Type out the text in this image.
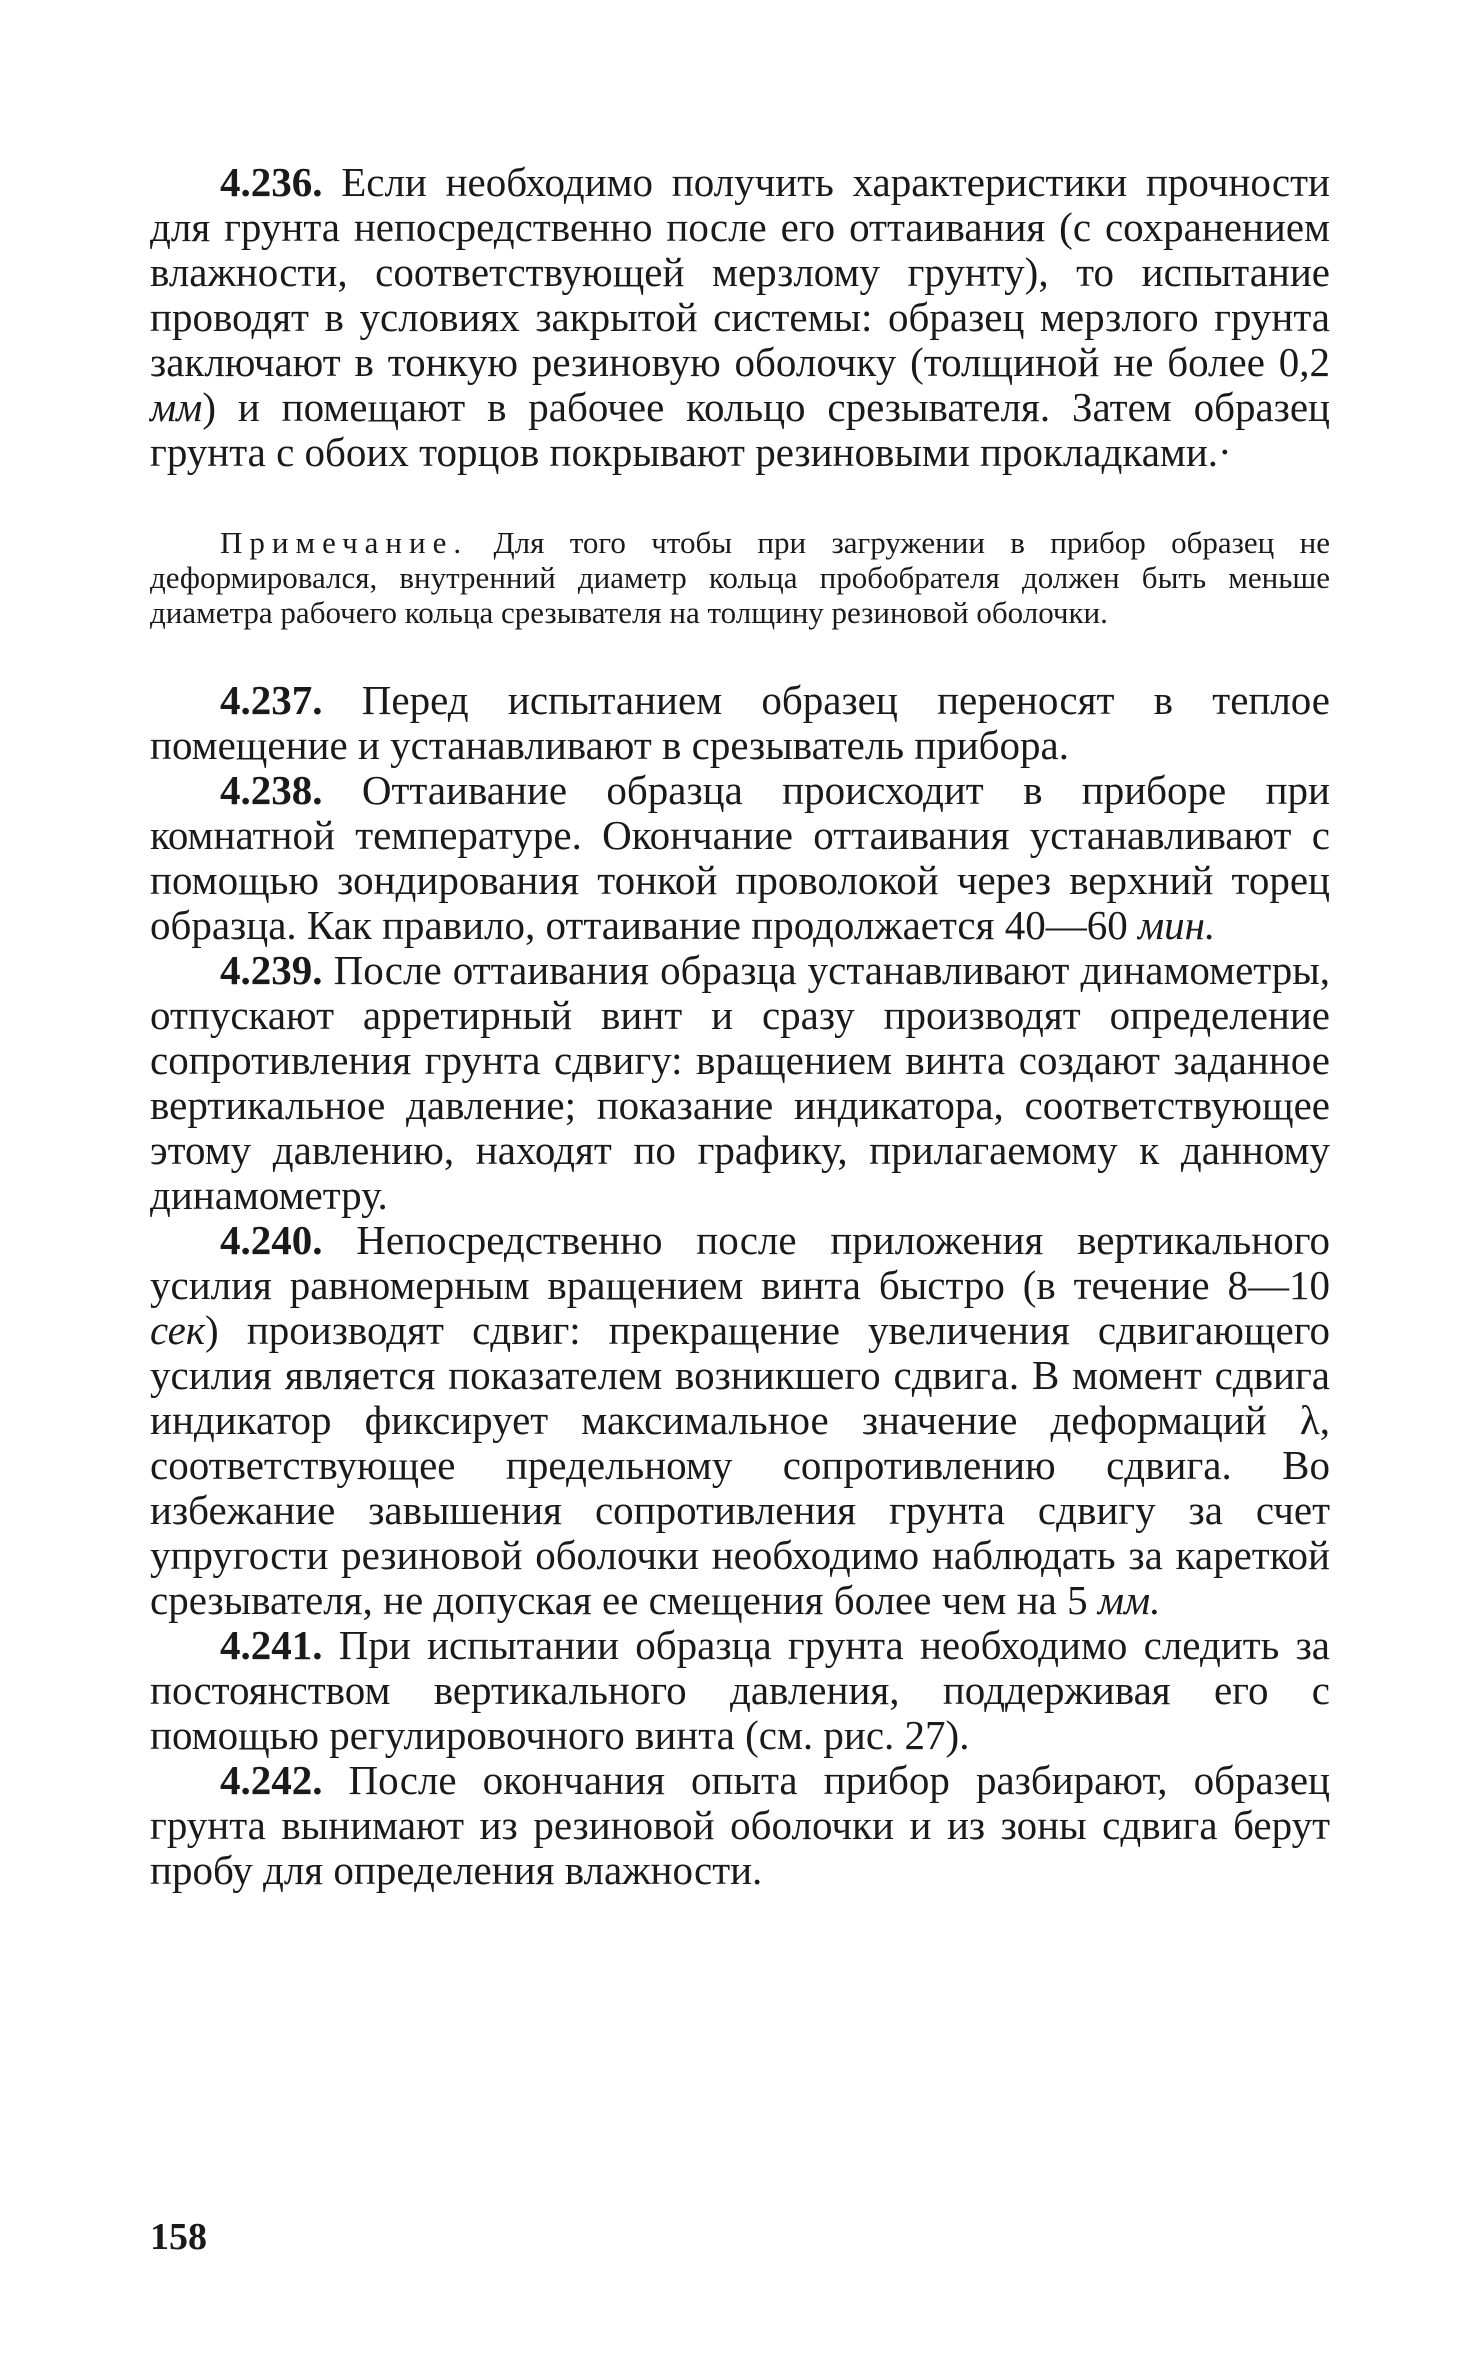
4.236. Если необходимо получить характеристики прочности для грунта непосредственно после его оттаивания (с сохранением влажности, соответствующей мерзлому грунту), то испытание проводят в условиях закрытой системы: образец мерзлого грунта заключают в тонкую резиновую оболочку (толщиной не более 0,2 мм) и помещают в рабочее кольцо срезывателя. Затем образец грунта с обоих торцов покрывают резиновыми прокладками.·

Примечание. Для того чтобы при загружении в прибор образец не деформировался, внутренний диаметр кольца пробобрателя должен быть меньше диаметра рабочего кольца срезывателя на толщину резиновой оболочки.

4.237. Перед испытанием образец переносят в теплое помещение и устанавливают в срезыватель прибора.

4.238. Оттаивание образца происходит в приборе при комнатной температуре. Окончание оттаивания устанавливают с помощью зондирования тонкой проволокой через верхний торец образца. Как правило, оттаивание продолжается 40—60 мин.

4.239. После оттаивания образца устанавливают динамометры, отпускают арретирный винт и сразу производят определение сопротивления грунта сдвигу: вращением винта создают заданное вертикальное давление; показание индикатора, соответствующее этому давлению, находят по графику, прилагаемому к данному динамометру.

4.240. Непосредственно после приложения вертикального усилия равномерным вращением винта быстро (в течение 8—10 сек) производят сдвиг: прекращение увеличения сдвигающего усилия является показателем возникшего сдвига. В момент сдвига индикатор фиксирует максимальное значение деформаций λ, соответствующее предельному сопротивлению сдвига. Во избежание завышения сопротивления грунта сдвигу за счет упругости резиновой оболочки необходимо наблюдать за кареткой срезывателя, не допуская ее смещения более чем на 5 мм.

4.241. При испытании образца грунта необходимо следить за постоянством вертикального давления, поддерживая его с помощью регулировочного винта (см. рис. 27).

4.242. После окончания опыта прибор разбирают, образец грунта вынимают из резиновой оболочки и из зоны сдвига берут пробу для определения влажности.

158
